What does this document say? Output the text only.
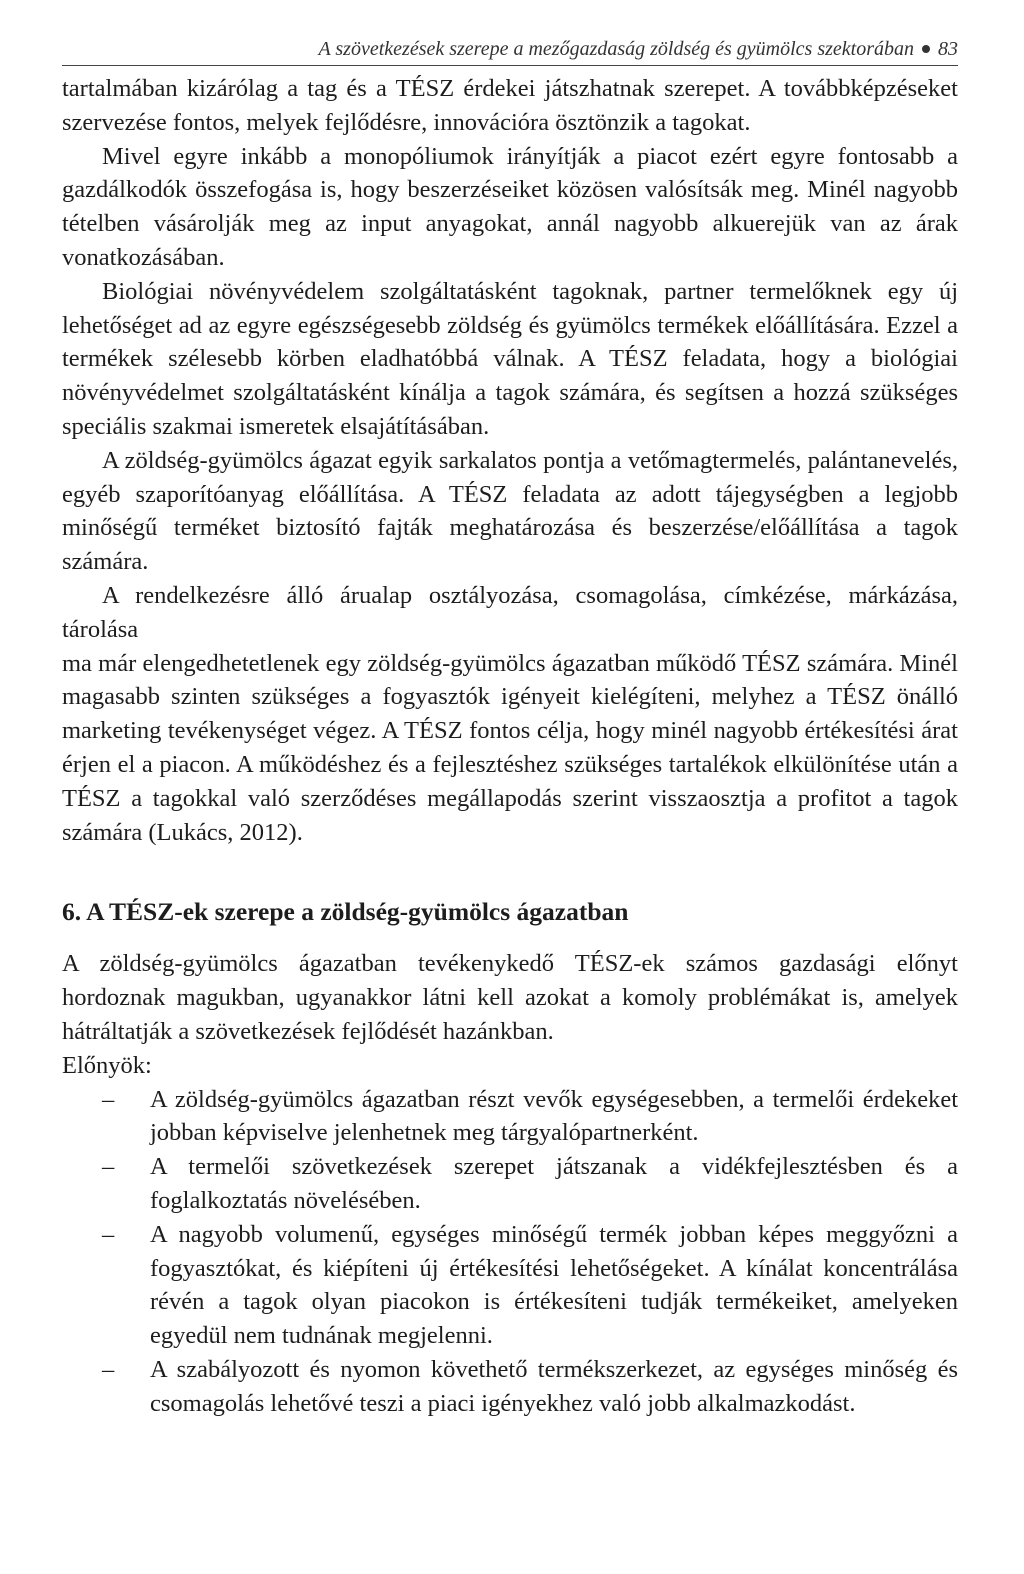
A szövetkezések szerepe a mezőgazdaság zöldség és gyümölcs szektorában 83

tartalmában kizárólag a tag és a TÉSZ érdekei játszhatnak szerepet. A továbbképzéseket szervezése fontos, melyek fejlődésre, innovációra ösztönzik a tagokat.

Mivel egyre inkább a monopóliumok irányítják a piacot ezért egyre fontosabb a gazdálkodók összefogása is, hogy beszerzéseiket közösen valósítsák meg. Minél nagyobb tételben vásárolják meg az input anyagokat, annál nagyobb alkuerejük van az árak vonatkozásában.

Biológiai növényvédelem szolgáltatásként tagoknak, partner termelőknek egy új lehetőséget ad az egyre egészségesebb zöldség és gyümölcs termékek előállítására. Ezzel a termékek szélesebb körben eladhatóbbá válnak. A TÉSZ feladata, hogy a biológiai növényvédelmet szolgáltatásként kínálja a tagok számára, és segítsen a hozzá szükséges speciális szakmai ismeretek elsajátításában.

A zöldség-gyümölcs ágazat egyik sarkalatos pontja a vetőmagtermelés, palántanevelés, egyéb szaporítóanyag előállítása. A TÉSZ feladata az adott tájegységben a legjobb minőségű terméket biztosító fajták meghatározása és beszerzése/előállítása a tagok számára.

A rendelkezésre álló árualap osztályozása, csomagolása, címkézése, márkázása, tárolása

ma már elengedhetetlenek egy zöldség-gyümölcs ágazatban működő TÉSZ számára. Minél magasabb szinten szükséges a fogyasztók igényeit kielégíteni, melyhez a TÉSZ önálló marketing tevékenységet végez. A TÉSZ fontos célja, hogy minél nagyobb értékesítési árat érjen el a piacon. A működéshez és a fejlesztéshez szükséges tartalékok elkülönítése után a TÉSZ a tagokkal való szerződéses megállapodás szerint visszaosztja a profitot a tagok számára (Lukács, 2012).

6. A TÉSZ-ek szerepe a zöldség-gyümölcs ágazatban

A zöldség-gyümölcs ágazatban tevékenykedő TÉSZ-ek számos gazdasági előnyt hordoznak magukban, ugyanakkor látni kell azokat a komoly problémákat is, amelyek hátráltatják a szövetkezések fejlődését hazánkban.

Előnyök:

– A zöldség-gyümölcs ágazatban részt vevők egységesebben, a termelői érdekeket jobban képviselve jelenhetnek meg tárgyalópartnerként.
– A termelői szövetkezések szerepet játszanak a vidékfejlesztésben és a foglalkoztatás növelésében.
– A nagyobb volumenű, egységes minőségű termék jobban képes meggyőzni a fogyasztókat, és kiépíteni új értékesítési lehetőségeket. A kínálat koncentrálása révén a tagok olyan piacokon is értékesíteni tudják termékeiket, amelyeken egyedül nem tudnának megjelenni.
– A szabályozott és nyomon követhető termékszerkezet, az egységes minőség és csomagolás lehetővé teszi a piaci igényekhez való jobb alkalmazkodást.
